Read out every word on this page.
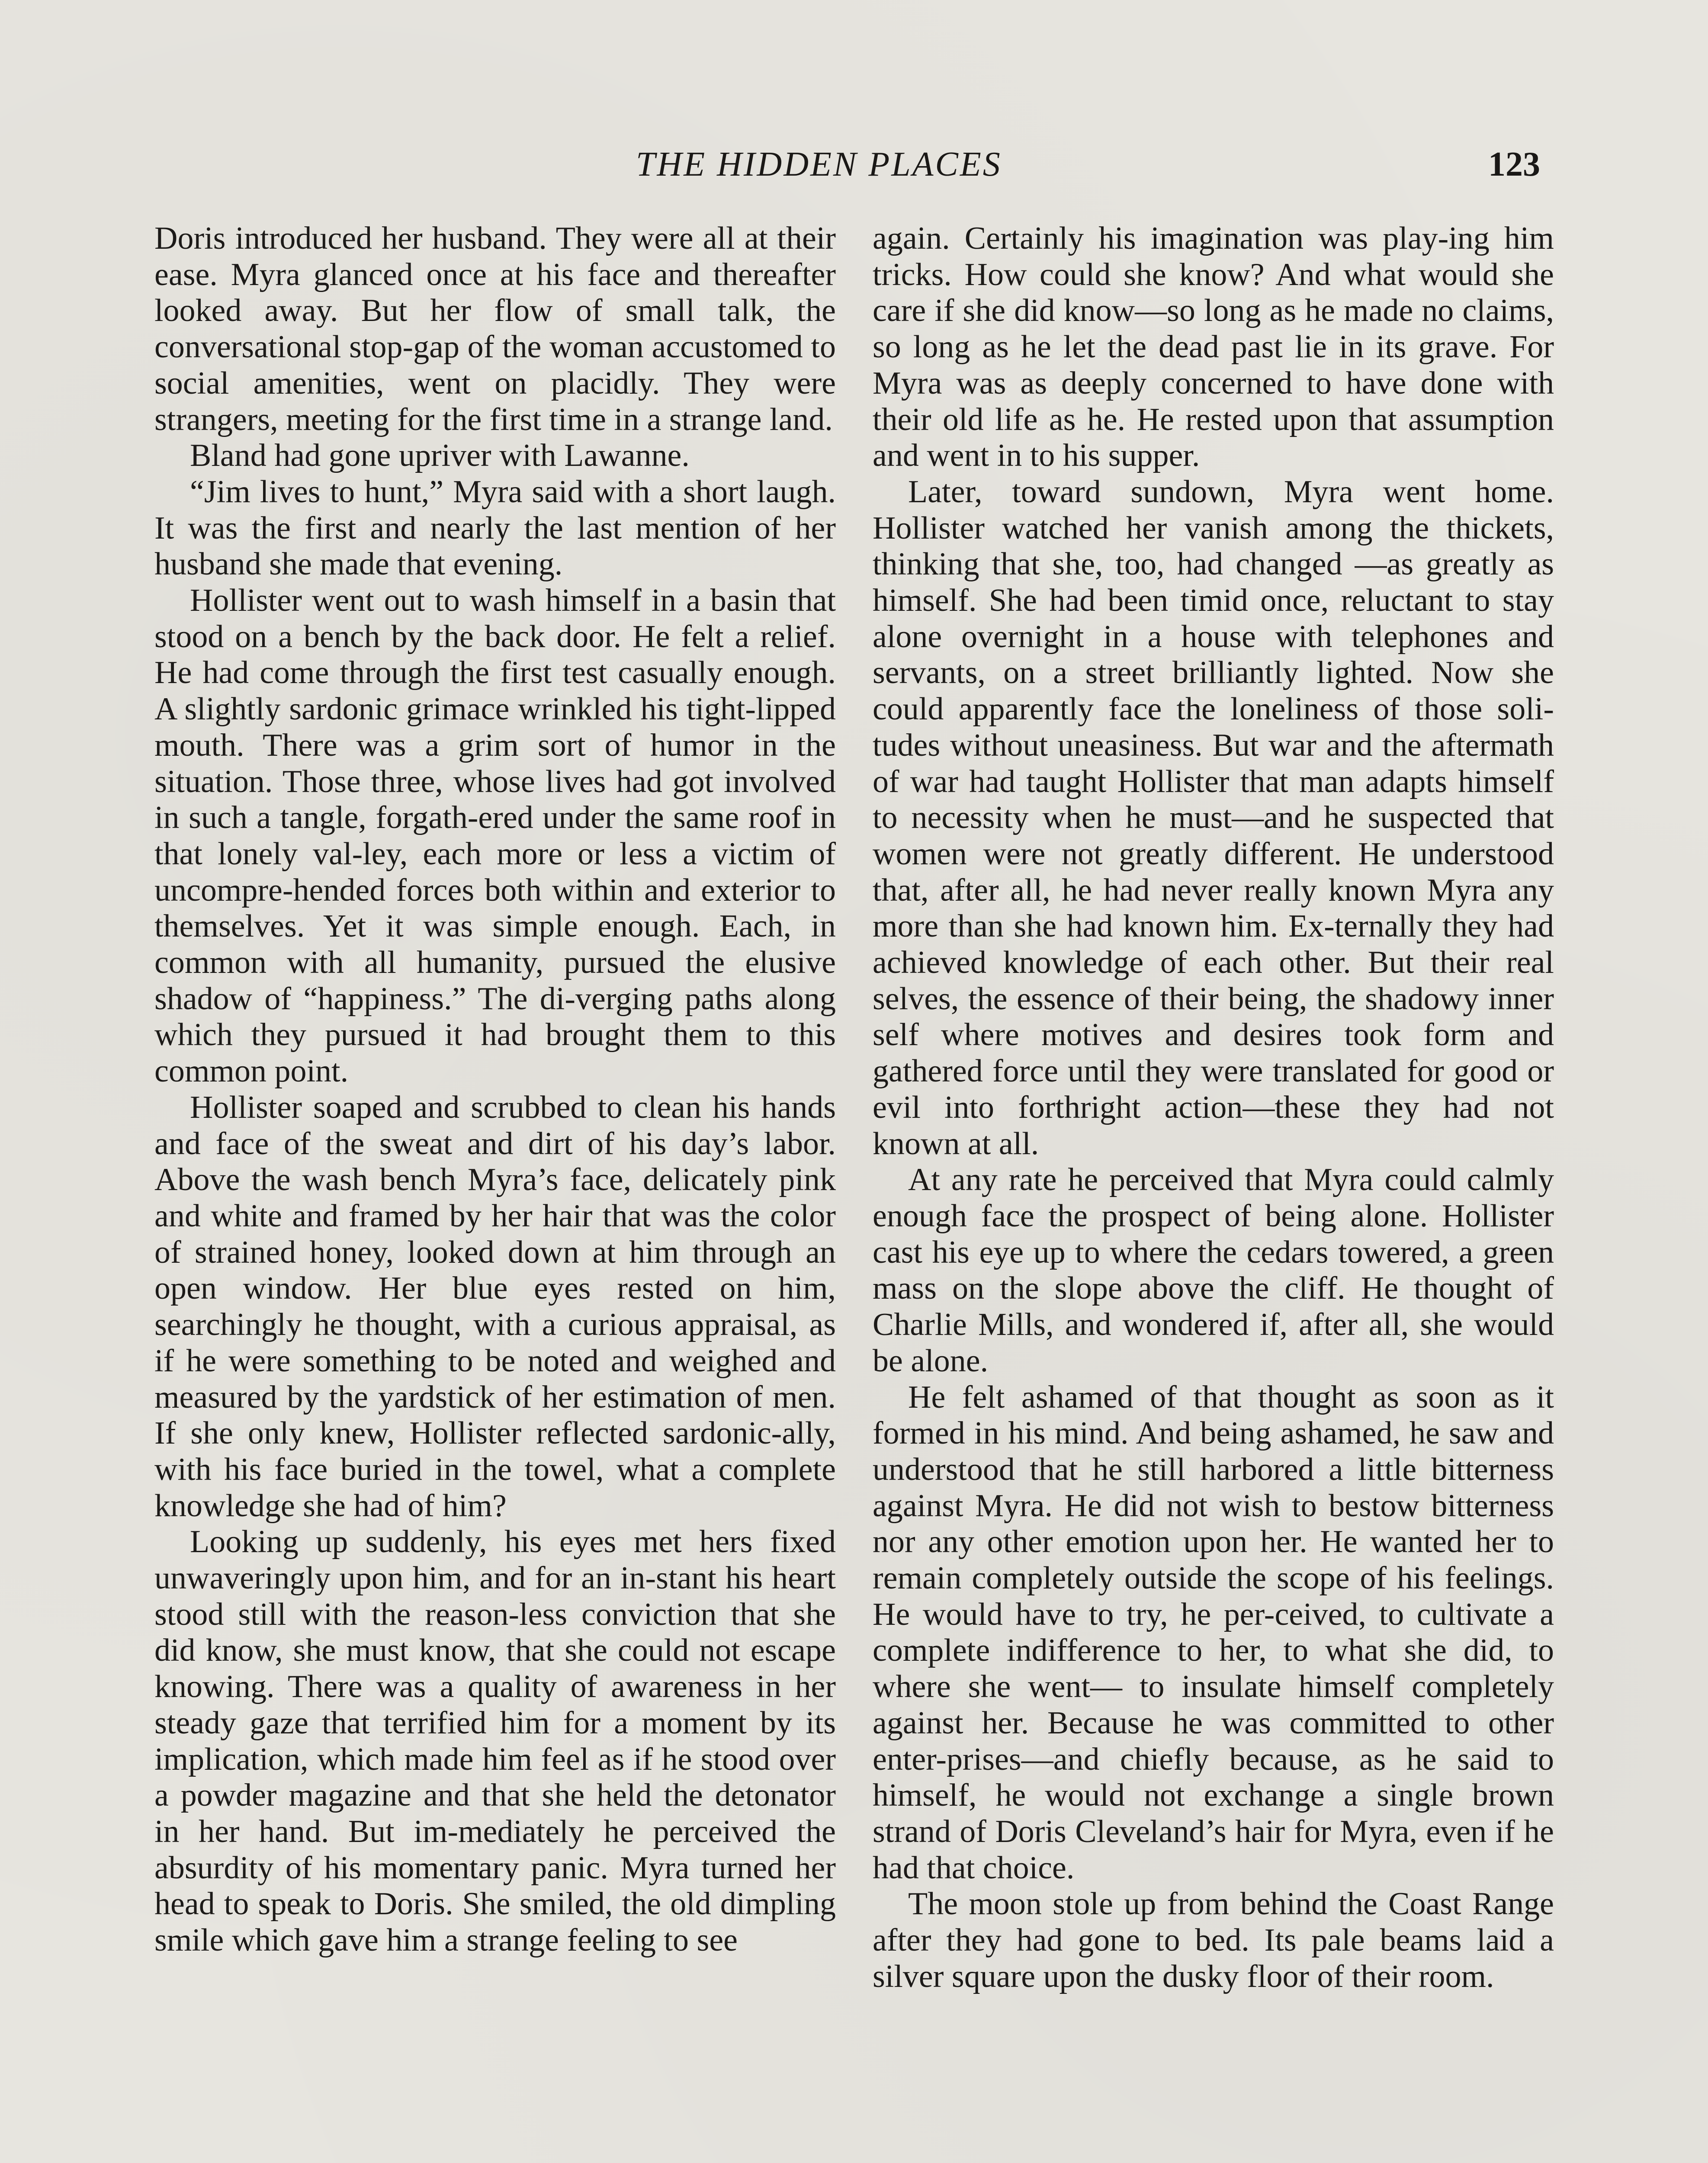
THE HIDDEN PLACES	123

Doris introduced her husband. They were all at their ease. Myra glanced once at his face and thereafter looked away. But her flow of small talk, the conversational stop-gap of the woman accustomed to social amenities, went on placidly. They were strangers, meeting for the first time in a strange land.

Bland had gone upriver with Lawanne.

“Jim lives to hunt,” Myra said with a short laugh. It was the first and nearly the last mention of her husband she made that evening.

Hollister went out to wash himself in a basin that stood on a bench by the back door. He felt a relief. He had come through the first test casually enough. A slightly sardonic grimace wrinkled his tight-lipped mouth. There was a grim sort of humor in the situation. Those three, whose lives had got involved in such a tangle, forgath-ered under the same roof in that lonely val-ley, each more or less a victim of uncompre-hended forces both within and exterior to themselves. Yet it was simple enough. Each, in common with all humanity, pursued the elusive shadow of “happiness.” The di-verging paths along which they pursued it had brought them to this common point.

Hollister soaped and scrubbed to clean his hands and face of the sweat and dirt of his day’s labor. Above the wash bench Myra’s face, delicately pink and white and framed by her hair that was the color of strained honey, looked down at him through an open window. Her blue eyes rested on him, searchingly he thought, with a curious appraisal, as if he were something to be noted and weighed and measured by the yardstick of her estimation of men. If she only knew, Hollister reflected sardonic-ally, with his face buried in the towel, what a complete knowledge she had of him?

Looking up suddenly, his eyes met hers fixed unwaveringly upon him, and for an in-stant his heart stood still with the reason-less conviction that she did know, she must know, that she could not escape knowing. There was a quality of awareness in her steady gaze that terrified him for a moment by its implication, which made him feel as if he stood over a powder magazine and that she held the detonator in her hand. But im-mediately he perceived the absurdity of his momentary panic. Myra turned her head to speak to Doris. She smiled, the old dimpling smile which gave him a strange feeling to see

again. Certainly his imagination was play-ing him tricks. How could she know? And what would she care if she did know—so long as he made no claims, so long as he let the dead past lie in its grave. For Myra was as deeply concerned to have done with their old life as he. He rested upon that assumption and went in to his supper.

Later, toward sundown, Myra went home. Hollister watched her vanish among the thickets, thinking that she, too, had changed —as greatly as himself. She had been timid once, reluctant to stay alone overnight in a house with telephones and servants, on a street brilliantly lighted. Now she could apparently face the loneliness of those soli-tudes without uneasiness. But war and the aftermath of war had taught Hollister that man adapts himself to necessity when he must—and he suspected that women were not greatly different. He understood that, after all, he had never really known Myra any more than she had known him. Ex-ternally they had achieved knowledge of each other. But their real selves, the essence of their being, the shadowy inner self where motives and desires took form and gathered force until they were translated for good or evil into forthright action—these they had not known at all.

At any rate he perceived that Myra could calmly enough face the prospect of being alone. Hollister cast his eye up to where the cedars towered, a green mass on the slope above the cliff. He thought of Charlie Mills, and wondered if, after all, she would be alone.

He felt ashamed of that thought as soon as it formed in his mind. And being ashamed, he saw and understood that he still harbored a little bitterness against Myra. He did not wish to bestow bitterness nor any other emotion upon her. He wanted her to remain completely outside the scope of his feelings. He would have to try, he per-ceived, to cultivate a complete indifference to her, to what she did, to where she went— to insulate himself completely against her. Because he was committed to other enter-prises—and chiefly because, as he said to himself, he would not exchange a single brown strand of Doris Cleveland’s hair for Myra, even if he had that choice.

The moon stole up from behind the Coast Range after they had gone to bed. Its pale beams laid a silver square upon the dusky floor of their room.
